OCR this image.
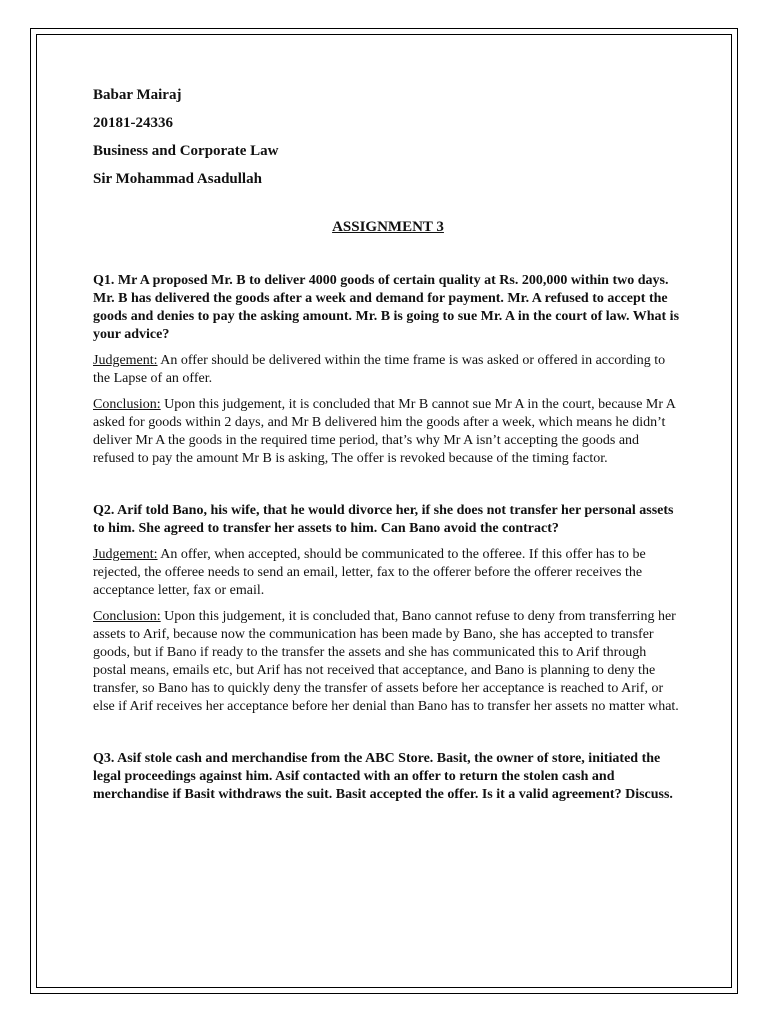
Babar Mairaj

20181-24336

Business and Corporate Law

Sir Mohammad Asadullah

ASSIGNMENT 3

Q1. Mr A proposed Mr. B to deliver 4000 goods of certain quality at Rs. 200,000 within two days. Mr. B has delivered the goods after a week and demand for payment. Mr. A refused to accept the goods and denies to pay the asking amount. Mr. B is going to sue Mr. A in the court of law. What is your advice?

Judgement: An offer should be delivered within the time frame is was asked or offered in according to the Lapse of an offer.

Conclusion: Upon this judgement, it is concluded that Mr B cannot sue Mr A in the court, because Mr A asked for goods within 2 days, and Mr B delivered him the goods after a week, which means he didn’t deliver Mr A the goods in the required time period, that’s why Mr A isn’t accepting the goods and refused to pay the amount Mr B is asking, The offer is revoked because of the timing factor.

Q2. Arif told Bano, his wife, that he would divorce her, if she does not transfer her personal assets to him. She agreed to transfer her assets to him. Can Bano avoid the contract?

Judgement: An offer, when accepted, should be communicated to the offeree. If this offer has to be rejected, the offeree needs to send an email, letter, fax to the offerer before the offerer receives the acceptance letter, fax or email.

Conclusion: Upon this judgement, it is concluded that, Bano cannot refuse to deny from transferring her assets to Arif, because now the communication has been made by Bano, she has accepted to transfer goods, but if Bano if ready to the transfer the assets and she has communicated this to Arif through postal means, emails etc, but Arif has not received that acceptance, and Bano is planning to deny the transfer, so Bano has to quickly deny the transfer of assets before her acceptance is reached to Arif, or else if Arif receives her acceptance before her denial than Bano has to transfer her assets no matter what.

Q3. Asif stole cash and merchandise from the ABC Store. Basit, the owner of store, initiated the legal proceedings against him. Asif contacted with an offer to return the stolen cash and merchandise if Basit withdraws the suit. Basit accepted the offer. Is it a valid agreement? Discuss.
